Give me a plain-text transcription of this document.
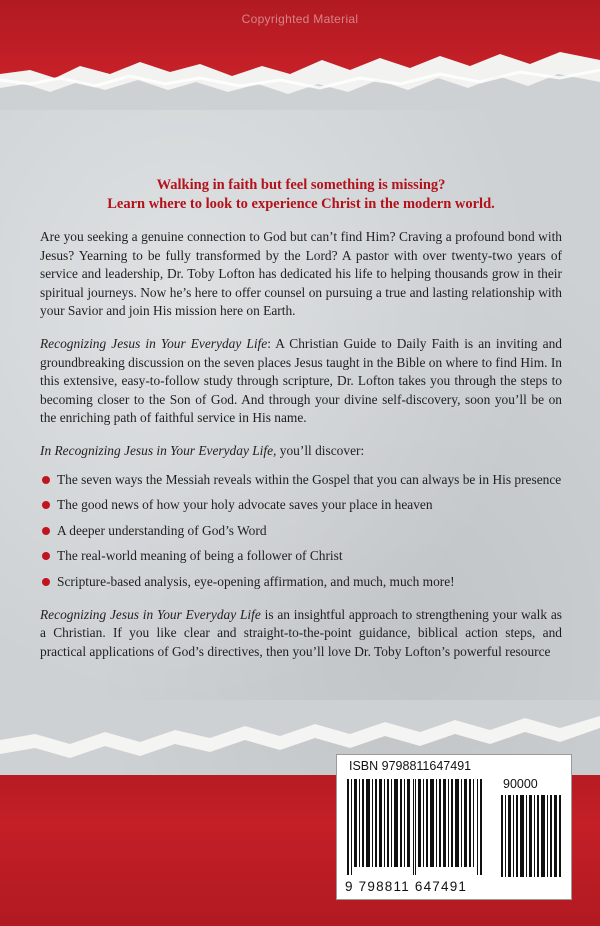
Copyrighted Material
Walking in faith but feel something is missing?
Learn where to look to experience Christ in the modern world.

Are you seeking a genuine connection to God but can’t find Him? Craving a profound bond with Jesus? Yearning to be fully transformed by the Lord? A pastor with over twenty-two years of service and leadership, Dr. Toby Lofton has dedicated his life to helping thousands grow in their spiritual journeys. Now he’s here to offer counsel on pursuing a true and lasting relationship with your Savior and join His mission here on Earth.

Recognizing Jesus in Your Everyday Life: A Christian Guide to Daily Faith is an inviting and groundbreaking discussion on the seven places Jesus taught in the Bible on where to find Him. In this extensive, easy-to-follow study through scripture, Dr. Lofton takes you through the steps to becoming closer to the Son of God. And through your divine self-discovery, soon you’ll be on the enriching path of faithful service in His name.

In Recognizing Jesus in Your Everyday Life, you’ll discover:

The seven ways the Messiah reveals within the Gospel that you can always be in His presence
The good news of how your holy advocate saves your place in heaven
A deeper understanding of God’s Word
The real-world meaning of being a follower of Christ
Scripture-based analysis, eye-opening affirmation, and much, much more!

Recognizing Jesus in Your Everyday Life is an insightful approach to strengthening your walk as a Christian. If you like clear and straight-to-the-point guidance, biblical action steps, and practical applications of God’s directives, then you’ll love Dr. Toby Lofton’s powerful resource

ISBN 9798811647491
90000
9 798811 647491
